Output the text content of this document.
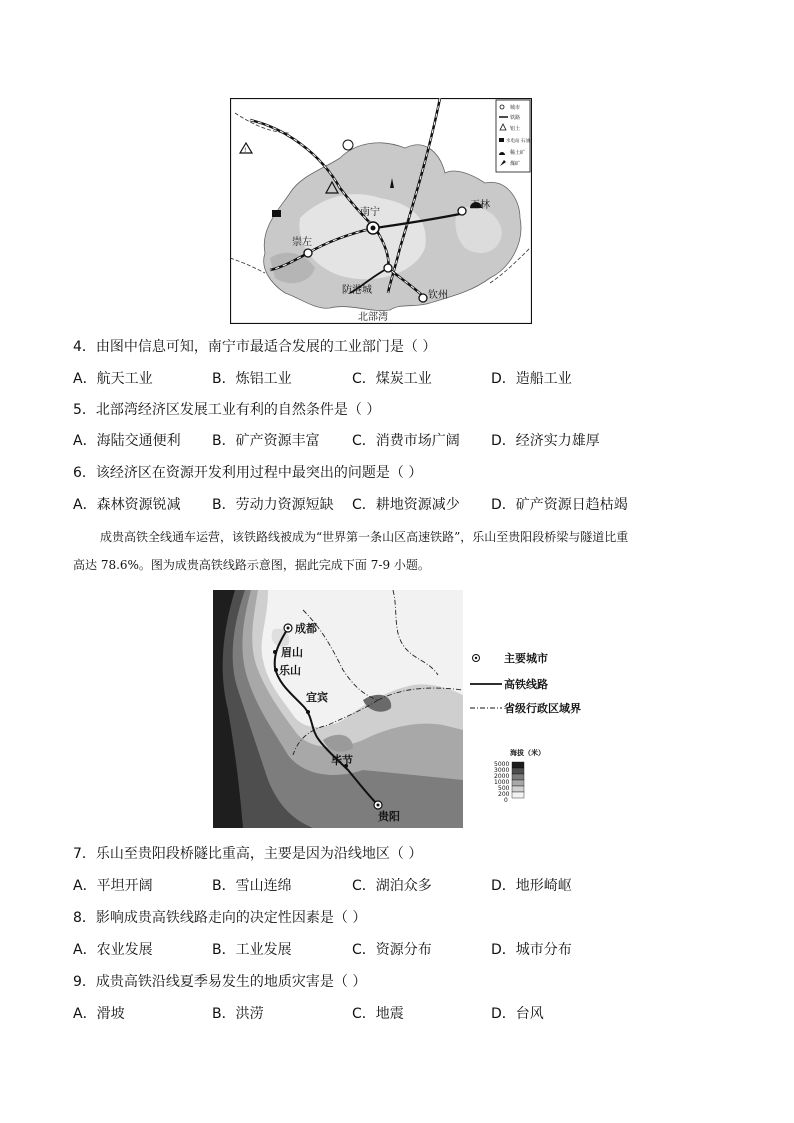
!
南宁
崇左
防港城	钦州
玉林
北部湾
城市
铁路
铝土
水电站 石油
稀土矿
煤矿
4．由图中信息可知，南宁市最适合发展的工业部门是（ ）
A．航天工业	B．炼铝工业	C．煤炭工业	D．造船工业
5．北部湾经济区发展工业有利的自然条件是（ ）
A．海陆交通便利 B．矿产资源丰富 C．消费市场广阔 D．经济实力雄厚
6．该经济区在资源开发利用过程中最突出的问题是（ ）
A．森林资源锐减 B．劳动力资源短缺 C．耕地资源减少 D．矿产资源日趋枯竭
成贵高铁全线通车运营，该铁路线被成为“世界第一条山区高速铁路”，乐山至贵阳段桥梁与隧道比重
高达 78.6%。图为成贵高铁线路示意图，据此完成下面 7-9 小题。
成都
眉山
乐山
宜宾
毕节
贵阳
主要城市
高铁线路
省级行政区域界
海拔（米）
5000
3000
2000
1000
500
200
0
7．乐山至贵阳段桥隧比重高，主要是因为沿线地区（ ）
A．平坦开阔	B．雪山连绵	C．湖泊众多	D．地形崎岖
8．影响成贵高铁线路走向的决定性因素是（ ）
A．农业发展	B．工业发展	C．资源分布	D．城市分布
9．成贵高铁沿线夏季易发生的地质灾害是（ ）
A．滑坡	B．洪涝	C．地震	D．台风
